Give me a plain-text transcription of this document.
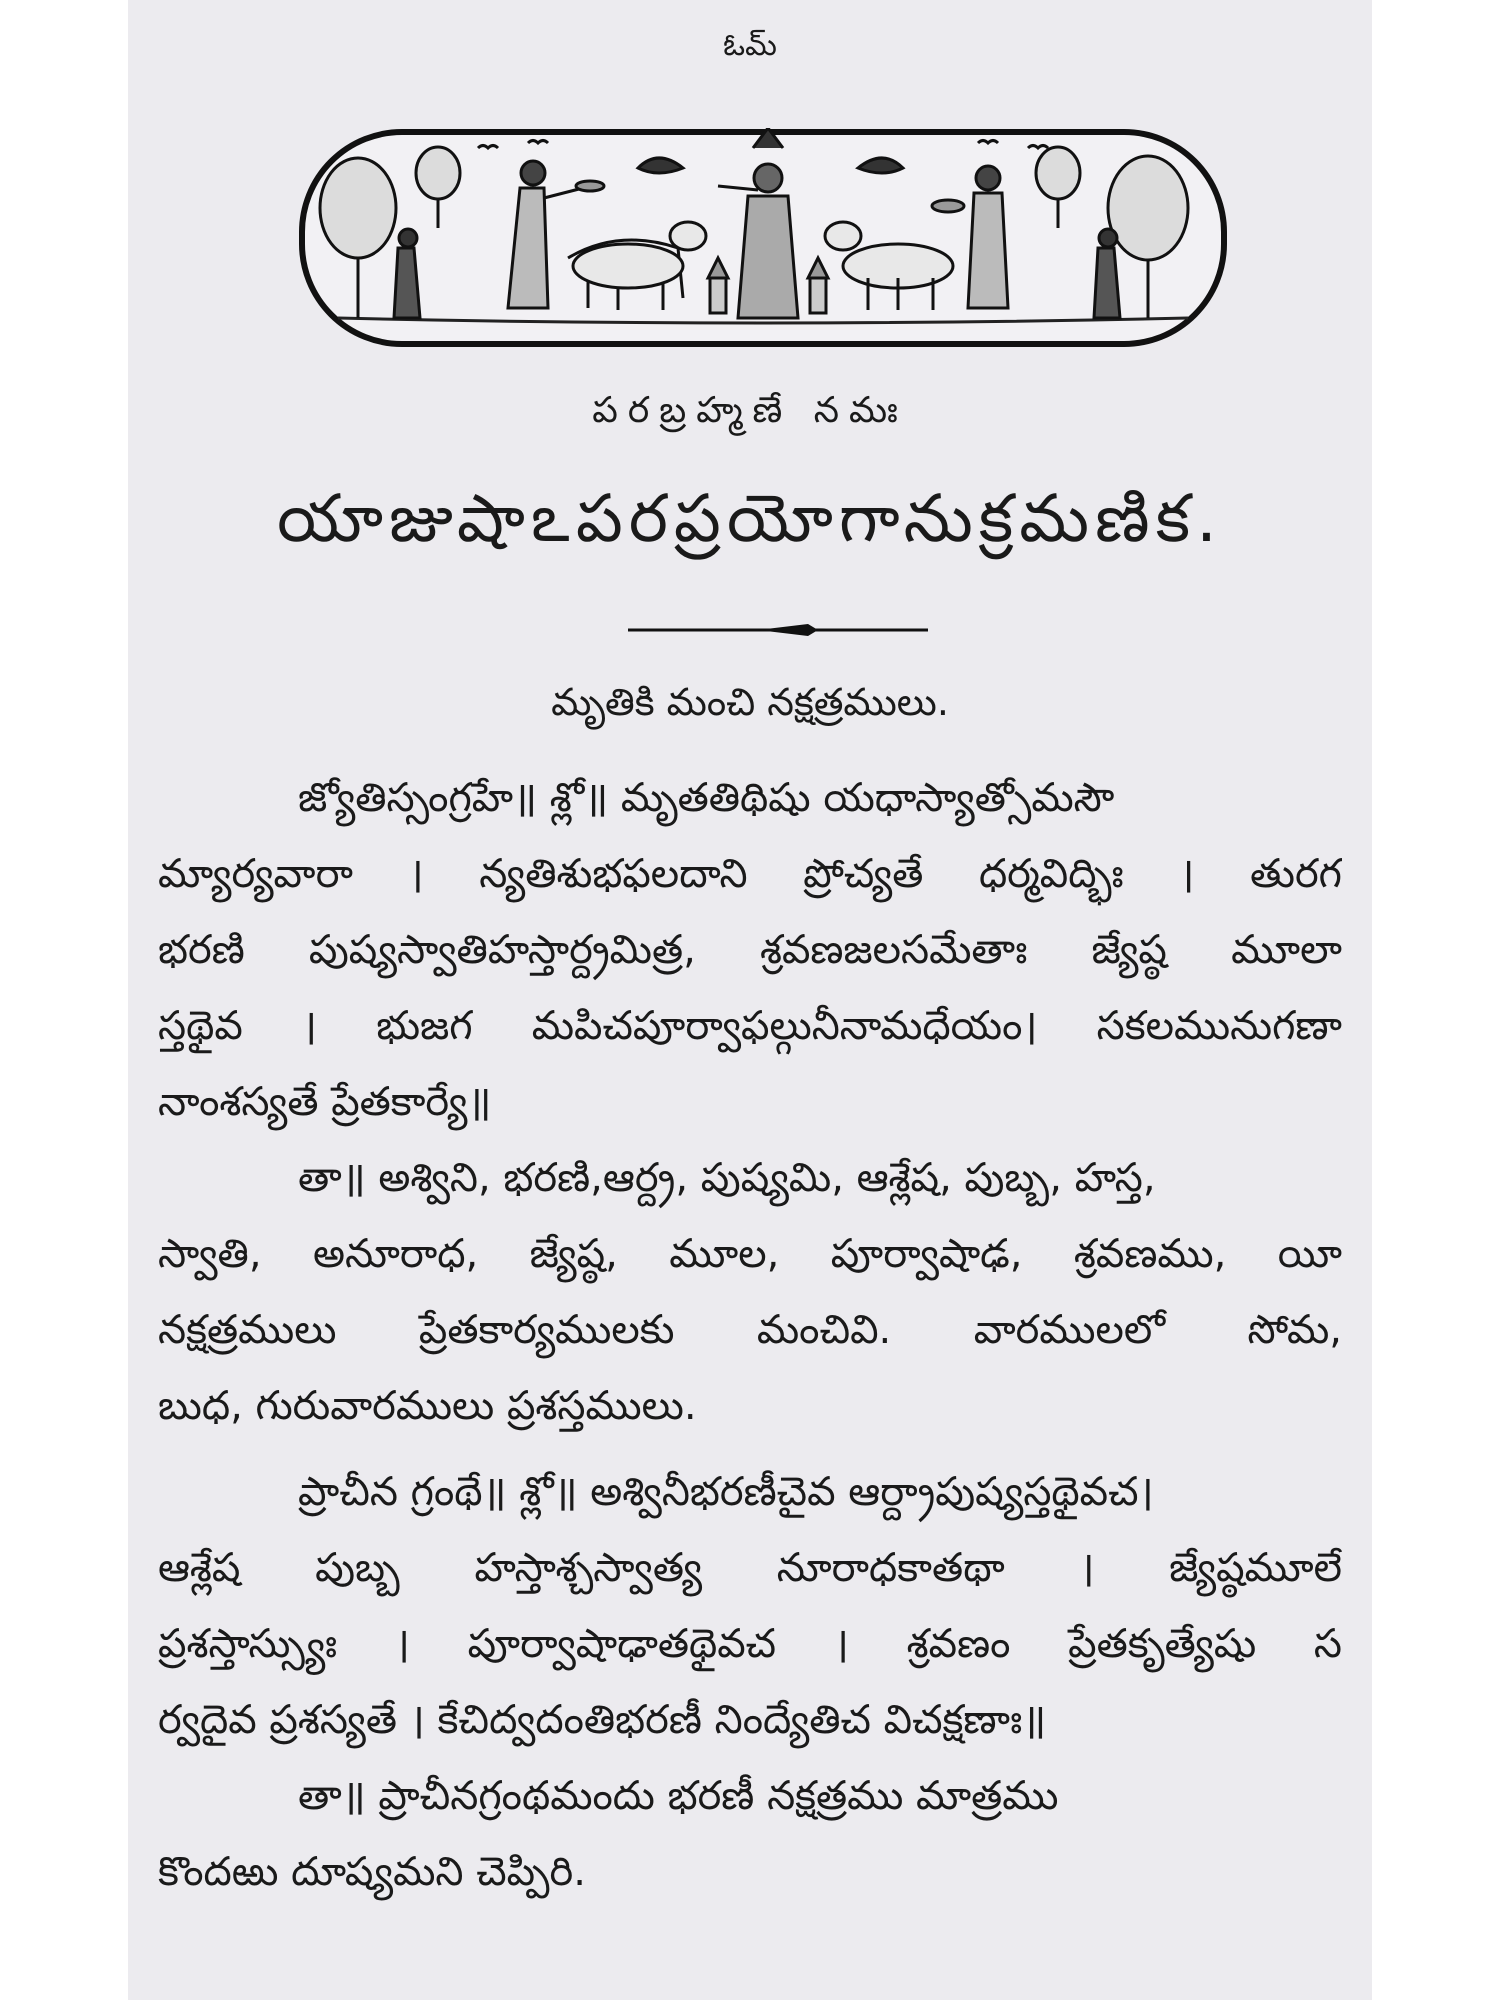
ఓమ్
పరబ్రహ్మణే నమః
యాజుషాఽపరప్రయోగానుక్రమణిక.
మృతికి మంచి నక్షత్రములు.
జ్యోతిస్సంగ్రహే॥ శ్లో॥ మృతతిథిషు యధాస్యాత్సోమసౌ
మ్యార్యవారా । న్యతిశుభఫలదాని ప్రోచ్యతే ధర్మవిద్భిః । తురగ
భరణి పుష్యస్వాతిహస్తార్ద్రమిత్ర, శ్రవణజలసమేతాః జ్యేష్ఠ మూలా
స్తథైవ । భుజగ మపిచపూర్వాఫల్గునీనామధేయం। సకలమునుగణా
నాంశస్యతే ప్రేతకార్యే॥
తా॥ అశ్విని, భరణి,ఆర్ద్ర, పుష్యమి, ఆశ్లేష, పుబ్బ, హస్త,
స్వాతి, అనూరాధ, జ్యేష్ఠ, మూల, పూర్వాషాఢ, శ్రవణము, యీ
నక్షత్రములు ప్రేతకార్యములకు మంచివి. వారములలో సోమ,
బుధ, గురువారములు ప్రశస్తములు.
ప్రాచీన గ్రంథే॥ శ్లో॥ అశ్వినీభరణీచైవ ఆర్ద్రాపుష్యస్తథైవచ।
ఆశ్లేష పుబ్బ హస్తాశ్చస్వాత్య నూరాధకాతథా । జ్యేష్ఠమూలే
ప్రశస్తాస్స్యుః । పూర్వాషాఢాతథైవచ । శ్రవణం ప్రేతకృత్యేషు స
ర్వదైవ ప్రశస్యతే । కేచిద్వదంతిభరణీ నింద్యేతిచ విచక్షణాః॥
తా॥ ప్రాచీనగ్రంథమందు భరణీ నక్షత్రము మాత్రము
కొందఱు దూష్యమని చెప్పిరి.
